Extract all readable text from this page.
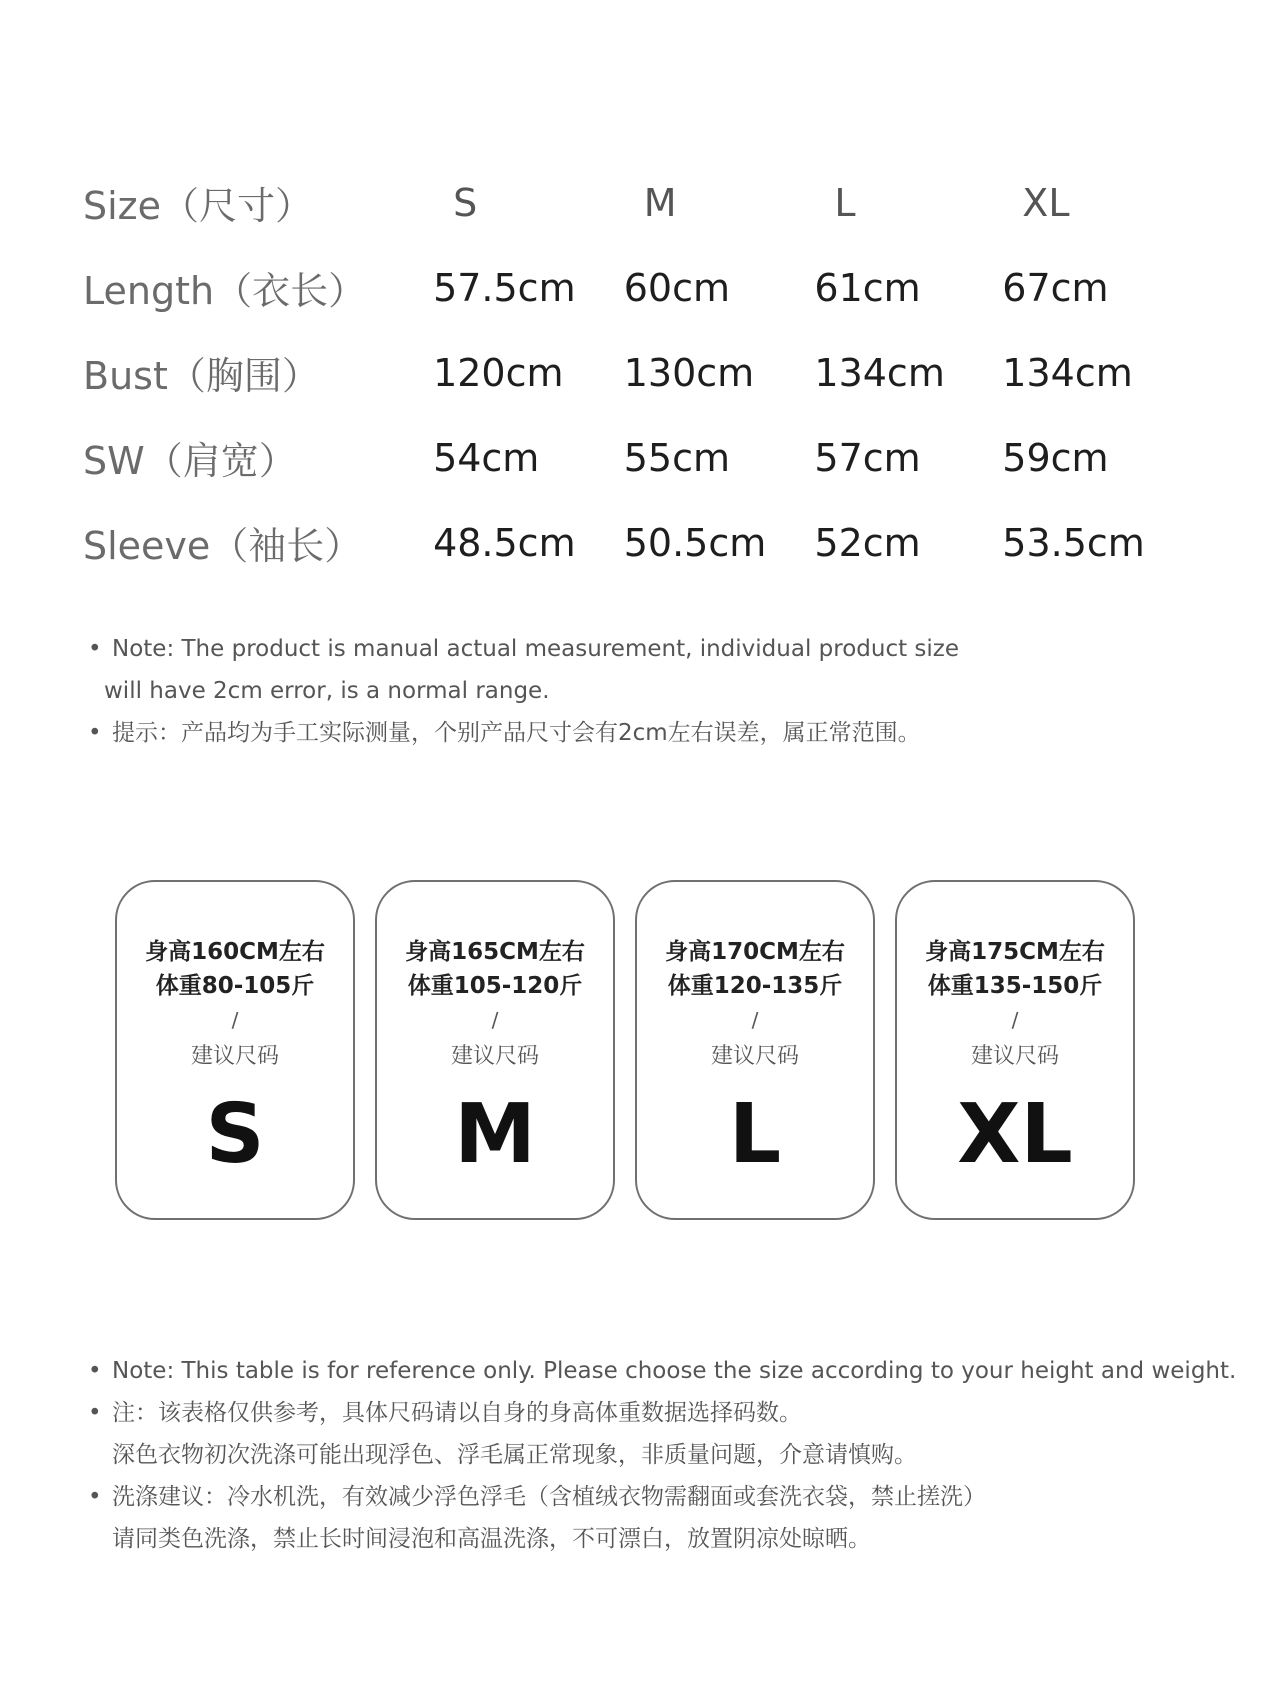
Size（尺寸）	S	M	L	XL
Length（衣长）	57.5cm	60cm	61cm	67cm
Bust（胸围）	120cm	130cm	134cm	134cm
SW（肩宽）	54cm	55cm	57cm	59cm
Sleeve（袖长）	48.5cm	50.5cm	52cm	53.5cm
• Note: The product is manual actual measurement, individual product size
will have 2cm error, is a normal range.
• 提示：产品均为手工实际测量，个别产品尺寸会有2cm左右误差，属正常范围。
身高160CM左右
体重80-105斤
/
建议尺码
S
身高165CM左右
体重105-120斤
/
建议尺码
M
身高170CM左右
体重120-135斤
/
建议尺码
L
身高175CM左右
体重135-150斤
/
建议尺码
XL
• Note: This table is for reference only. Please choose the size according to your height and weight.
• 注：该表格仅供参考，具体尺码请以自身的身高体重数据选择码数。
深色衣物初次洗涤可能出现浮色、浮毛属正常现象，非质量问题，介意请慎购。
• 洗涤建议：冷水机洗，有效减少浮色浮毛（含植绒衣物需翻面或套洗衣袋，禁止搓洗）
请同类色洗涤，禁止长时间浸泡和高温洗涤，不可漂白，放置阴凉处晾晒。
